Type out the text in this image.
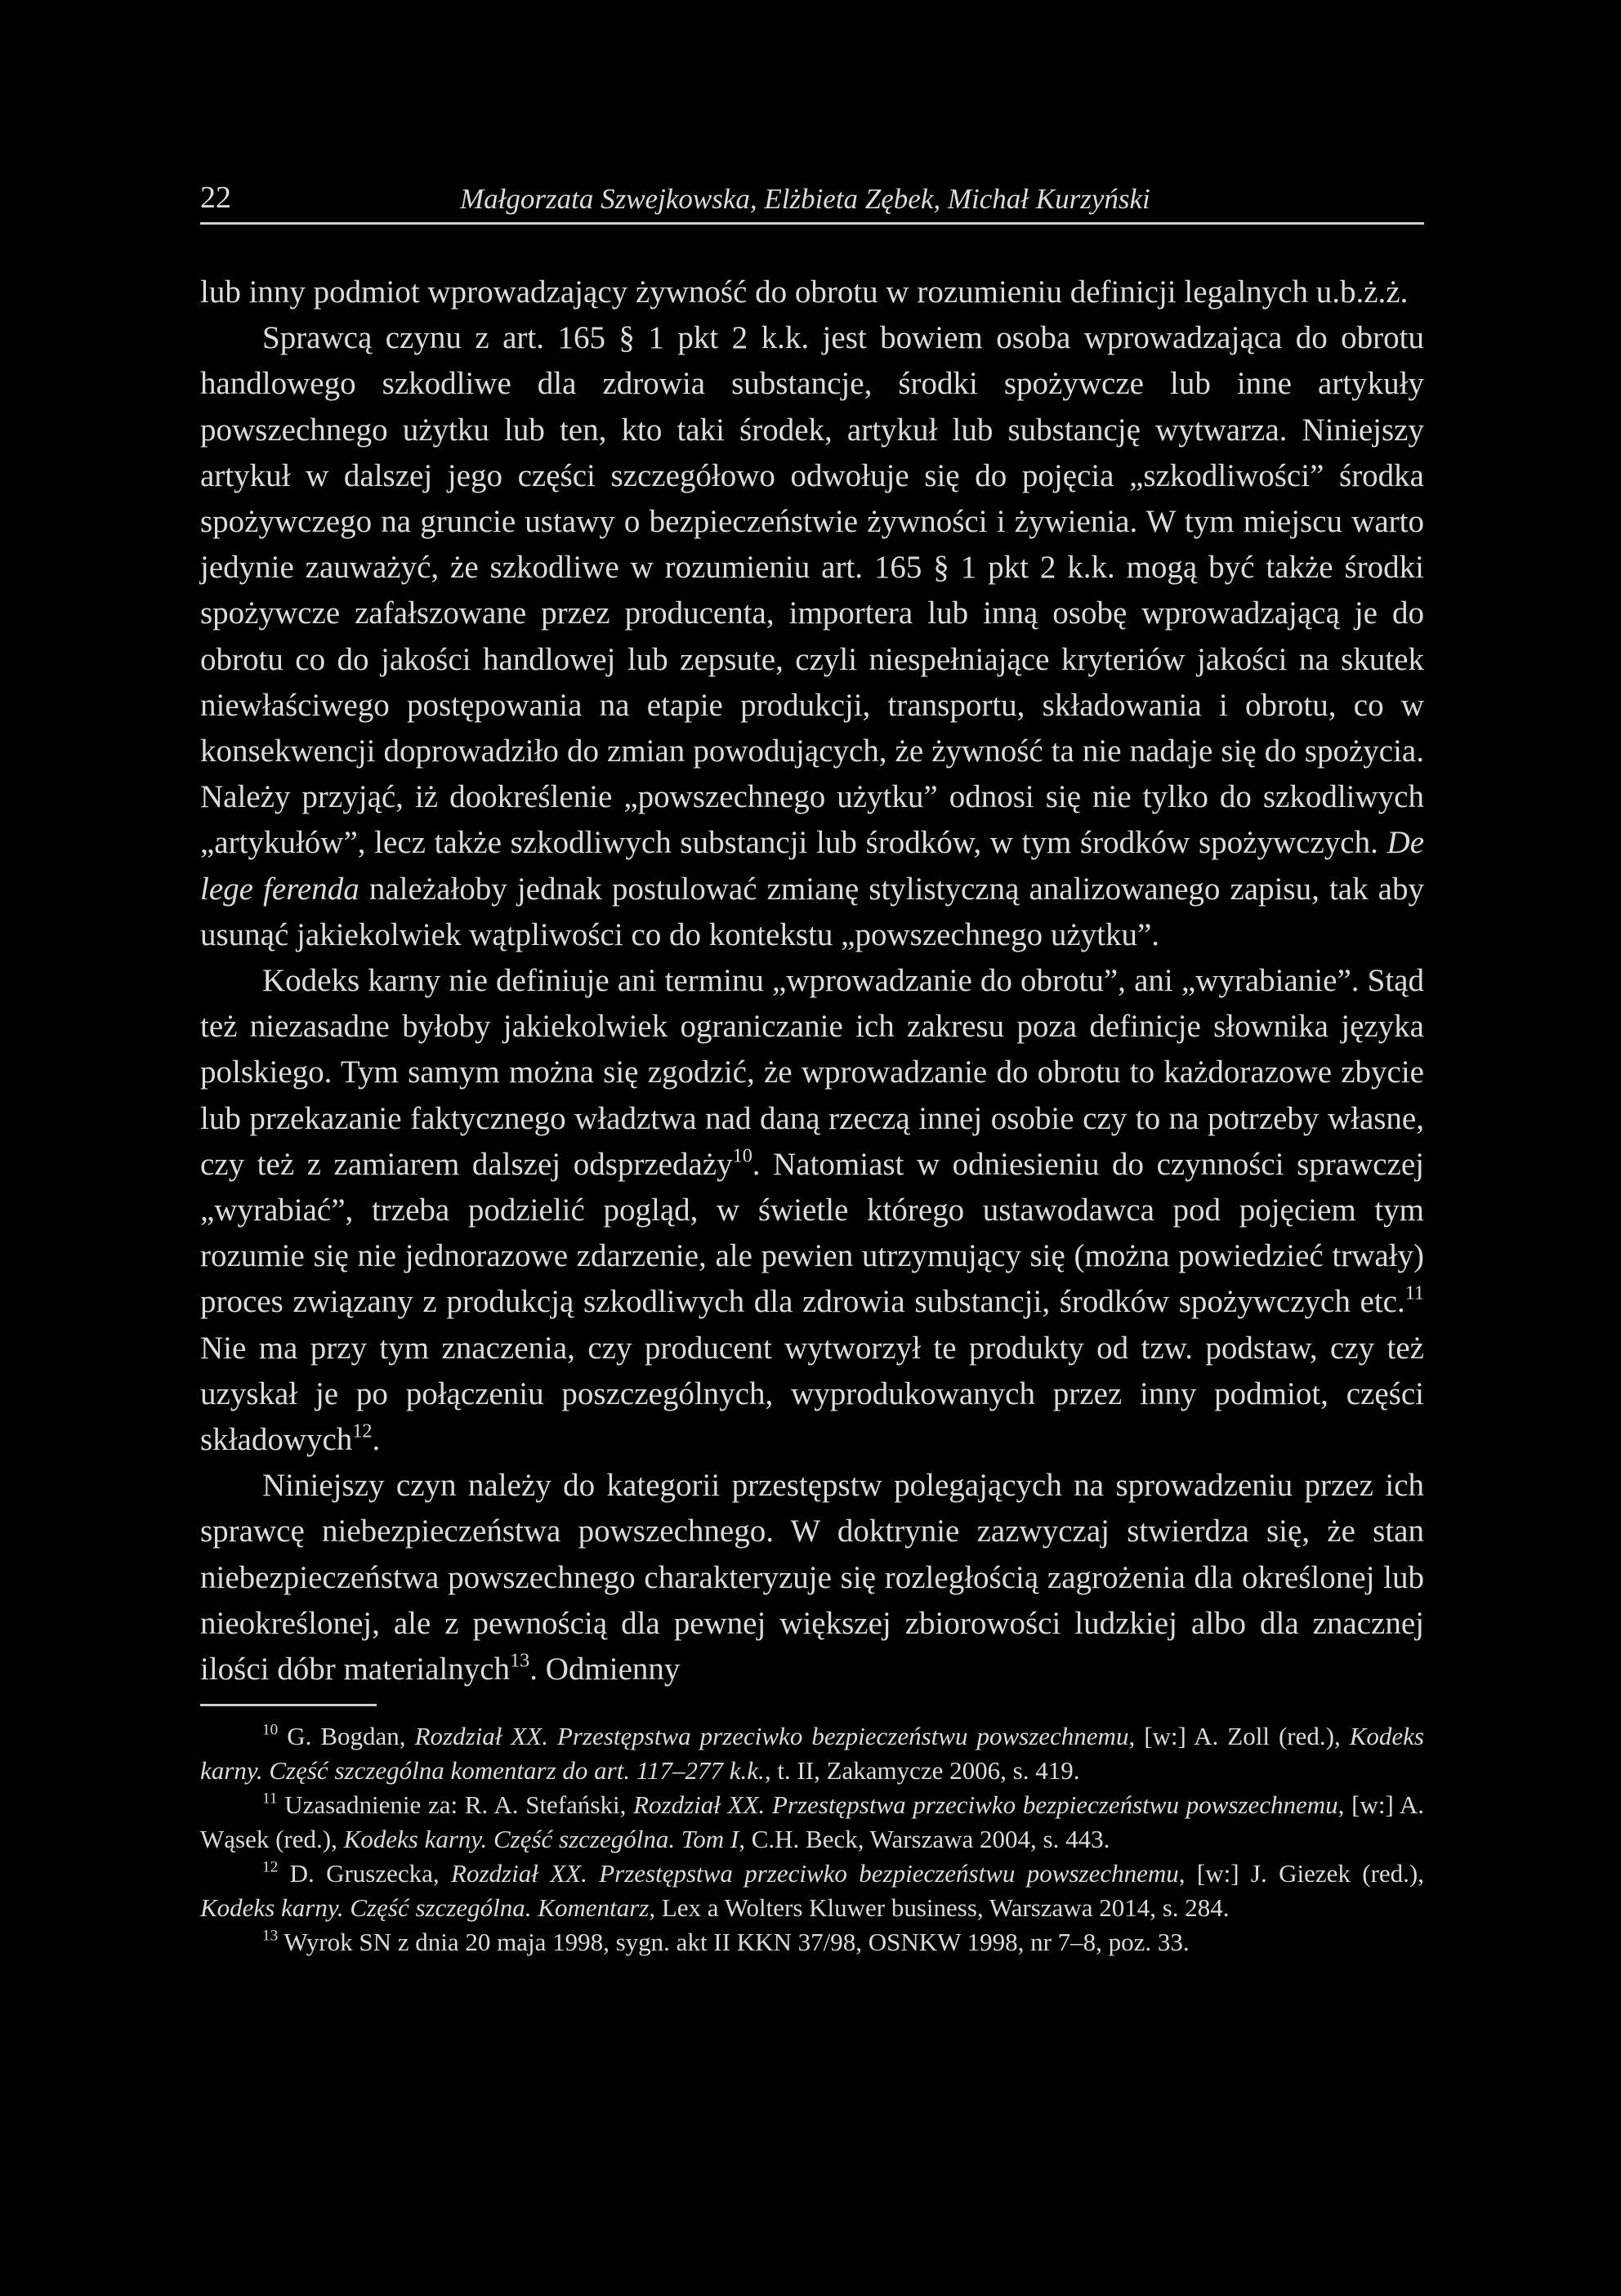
22	Małgorzata Szwejkowska, Elżbieta Zębek, Michał Kurzyński

lub inny podmiot wprowadzający żywność do obrotu w rozumieniu definicji legalnych u.b.ż.ż.

Sprawcą czynu z art. 165 § 1 pkt 2 k.k. jest bowiem osoba wprowadzająca do obrotu handlowego szkodliwe dla zdrowia substancje, środki spożywcze lub inne artykuły powszechnego użytku lub ten, kto taki środek, artykuł lub substancję wytwarza. Niniejszy artykuł w dalszej jego części szczegółowo odwołuje się do pojęcia „szkodliwości” środka spożywczego na gruncie ustawy o bezpieczeństwie żywności i żywienia. W tym miejscu warto jedynie zauważyć, że szkodliwe w rozumieniu art. 165 § 1 pkt 2 k.k. mogą być także środki spożywcze zafałszowane przez producenta, importera lub inną osobę wprowadzającą je do obrotu co do jakości handlowej lub zepsute, czyli niespełniające kryteriów jakości na skutek niewłaściwego postępowania na etapie produkcji, transportu, składowania i obrotu, co w konsekwencji doprowadziło do zmian powodujących, że żywność ta nie nadaje się do spożycia. Należy przyjąć, iż dookreślenie „powszechnego użytku” odnosi się nie tylko do szkodliwych „artykułów”, lecz także szkodliwych substancji lub środków, w tym środków spożywczych. De lege ferenda należałoby jednak postulować zmianę stylistyczną analizowanego zapisu, tak aby usunąć jakiekolwiek wątpliwości co do kontekstu „powszechnego użytku”.

Kodeks karny nie definiuje ani terminu „wprowadzanie do obrotu”, ani „wyrabianie”. Stąd też niezasadne byłoby jakiekolwiek ograniczanie ich zakresu poza definicje słownika języka polskiego. Tym samym można się zgodzić, że wprowadzanie do obrotu to każdorazowe zbycie lub przekazanie faktycznego władztwa nad daną rzeczą innej osobie czy to na potrzeby własne, czy też z zamiarem dalszej odsprzedaży$^{10}$. Natomiast w odniesieniu do czynności sprawczej „wyrabiać”, trzeba podzielić pogląd, w świetle którego ustawodawca pod pojęciem tym rozumie się nie jednorazowe zdarzenie, ale pewien utrzymujący się (można powiedzieć trwały) proces związany z produkcją szkodliwych dla zdrowia substancji, środków spożywczych etc.$^{11}$ Nie ma przy tym znaczenia, czy producent wytworzył te produkty od tzw. podstaw, czy też uzyskał je po połączeniu poszczególnych, wyprodukowanych przez inny podmiot, części składowych$^{12}$.

Niniejszy czyn należy do kategorii przestępstw polegających na sprowadzeniu przez ich sprawcę niebezpieczeństwa powszechnego. W doktrynie zazwyczaj stwierdza się, że stan niebezpieczeństwa powszechnego charakteryzuje się rozległością zagrożenia dla określonej lub nieokreślonej, ale z pewnością dla pewnej większej zbiorowości ludzkiej albo dla znacznej ilości dóbr materialnych$^{13}$. Odmienny

$^{10}$ G. Bogdan, Rozdział XX. Przestępstwa przeciwko bezpieczeństwu powszechnemu, [w:] A. Zoll (red.), Kodeks karny. Część szczególna komentarz do art. 117–277 k.k., t. II, Zakamycze 2006, s. 419.

$^{11}$ Uzasadnienie za: R. A. Stefański, Rozdział XX. Przestępstwa przeciwko bezpieczeństwu powszechnemu, [w:] A. Wąsek (red.), Kodeks karny. Część szczególna. Tom I, C.H. Beck, Warszawa 2004, s. 443.

$^{12}$ D. Gruszecka, Rozdział XX. Przestępstwa przeciwko bezpieczeństwu powszechnemu, [w:] J. Giezek (red.), Kodeks karny. Część szczególna. Komentarz, Lex a Wolters Kluwer business, Warszawa 2014, s. 284.

$^{13}$ Wyrok SN z dnia 20 maja 1998, sygn. akt II KKN 37/98, OSNKW 1998, nr 7–8, poz. 33.
